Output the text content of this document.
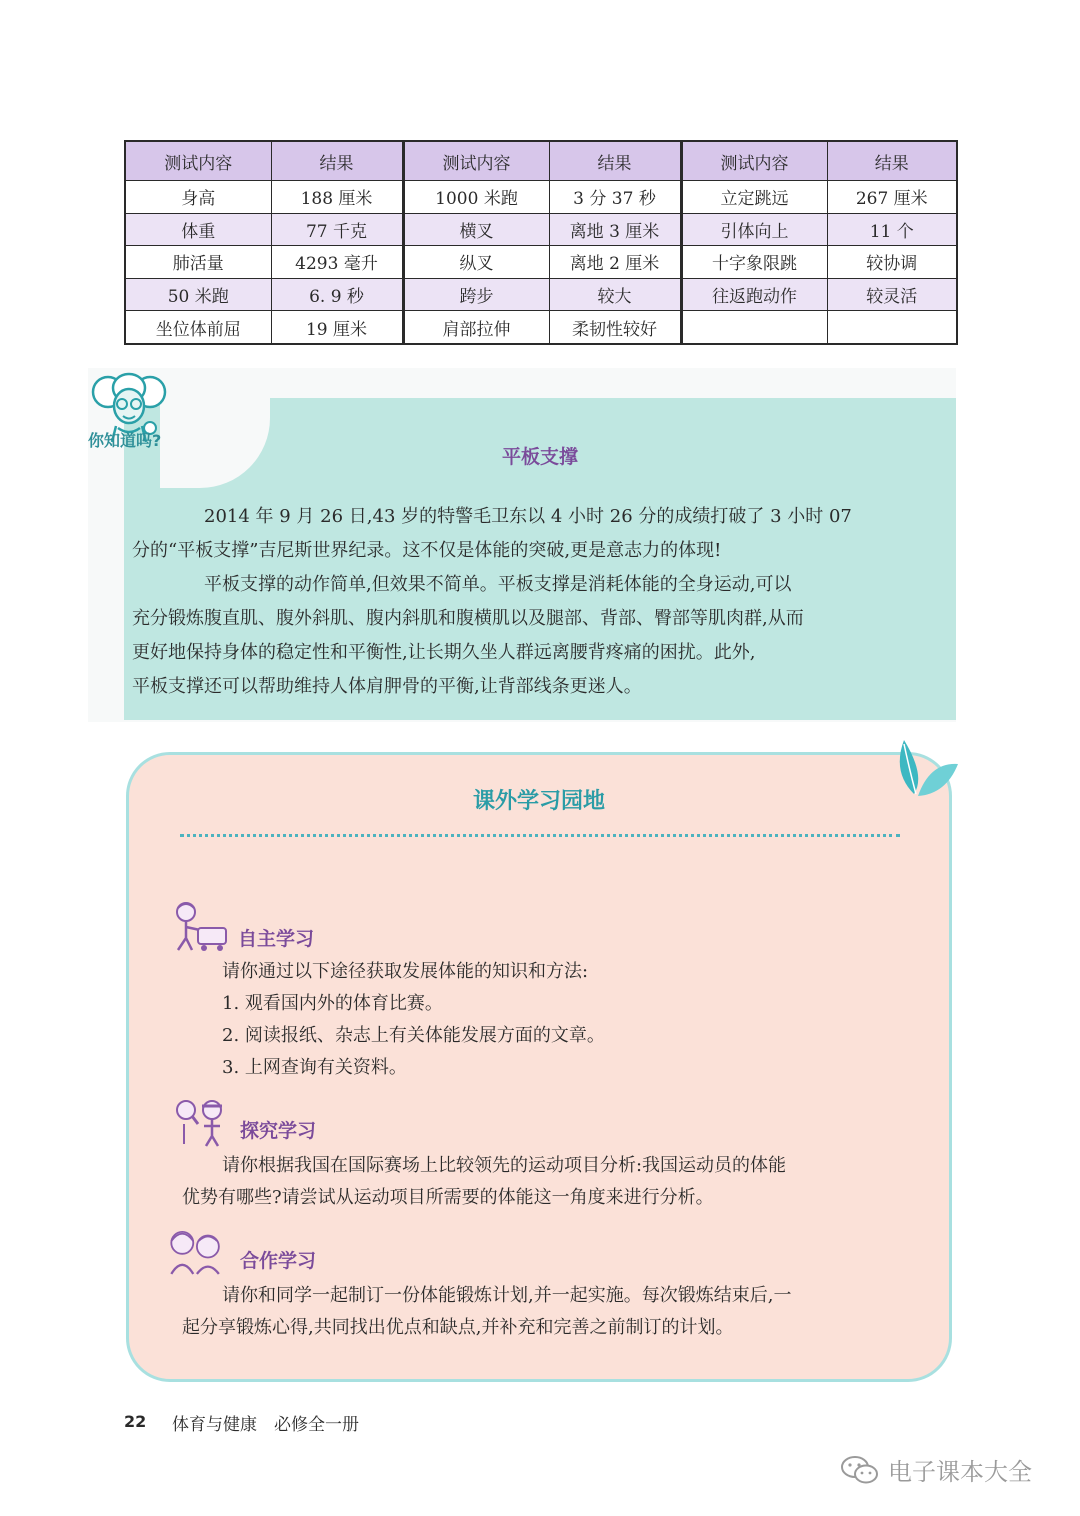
测试内容	结果	测试内容	结果	测试内容	结果
身高	188 厘米	1000 米跑	3 分 37 秒	立定跳远	267 厘米
体重	77 千克	横叉	离地 3 厘米	引体向上	11 个
肺活量	4293 毫升	纵叉	离地 2 厘米	十字象限跳	较协调
50 米跑	6. 9 秒	跨步	较大	往返跑动作	较灵活
坐位体前屈	19 厘米	肩部拉伸	柔韧性较好		
你知道吗?
平板支撑

2014 年 9 月 26 日,43 岁的特警毛卫东以 4 小时 26 分的成绩打破了 3 小时 07
分的“平板支撑”吉尼斯世界纪录。这不仅是体能的突破,更是意志力的体现!

平板支撑的动作简单,但效果不简单。平板支撑是消耗体能的全身运动,可以
充分锻炼腹直肌、腹外斜肌、腹内斜肌和腹横肌以及腿部、背部、臀部等肌肉群,从而
更好地保持身体的稳定性和平衡性,让长期久坐人群远离腰背疼痛的困扰。此外,
平板支撑还可以帮助维持人体肩胛骨的平衡,让背部线条更迷人。

课外学习园地
自主学习
请你通过以下途径获取发展体能的知识和方法:
1. 观看国内外的体育比赛。
2. 阅读报纸、杂志上有关体能发展方面的文章。
3. 上网查询有关资料。
探究学习
请你根据我国在国际赛场上比较领先的运动项目分析:我国运动员的体能
优势有哪些?请尝试从运动项目所需要的体能这一角度来进行分析。
合作学习
请你和同学一起制订一份体能锻炼计划,并一起实施。每次锻炼结束后,一
起分享锻炼心得,共同找出优点和缺点,并补充和完善之前制订的计划。
22 体育与健康　必修全一册
电子课本大全
